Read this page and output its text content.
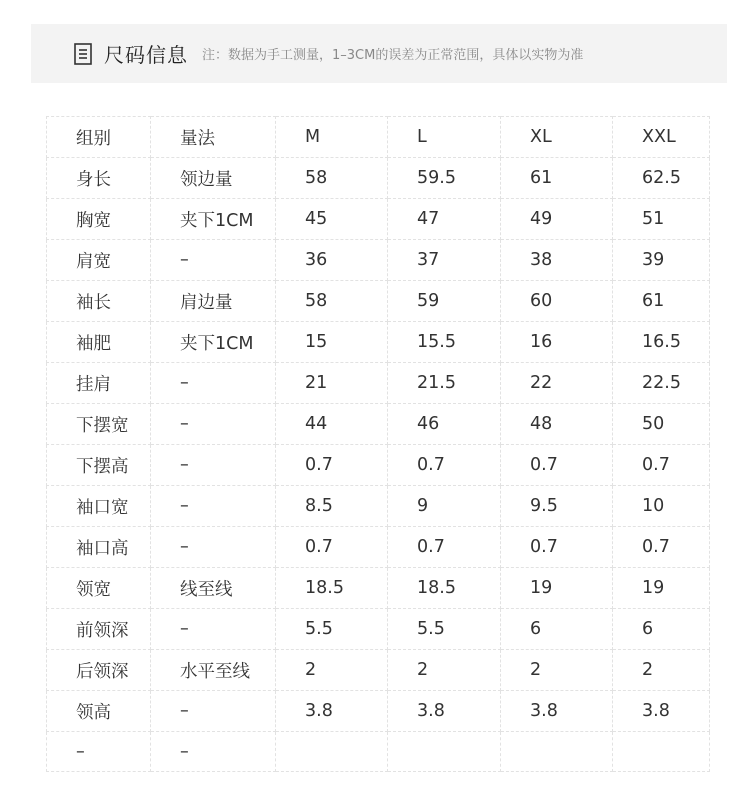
尺码信息 注：数据为手工测量，1–3CM的误差为正常范围，具体以实物为准
组别	量法	M	L	XL	XXL
身长	领边量	58	59.5	61	62.5
胸宽	夹下1CM	45	47	49	51
肩宽	–	36	37	38	39
袖长	肩边量	58	59	60	61
袖肥	夹下1CM	15	15.5	16	16.5
挂肩	–	21	21.5	22	22.5
下摆宽	–	44	46	48	50
下摆高	–	0.7	0.7	0.7	0.7
袖口宽	–	8.5	9	9.5	10
袖口高	–	0.7	0.7	0.7	0.7
领宽	线至线	18.5	18.5	19	19
前领深	–	5.5	5.5	6	6
后领深	水平至线	2	2	2	2
领高	–	3.8	3.8	3.8	3.8
–	–				
